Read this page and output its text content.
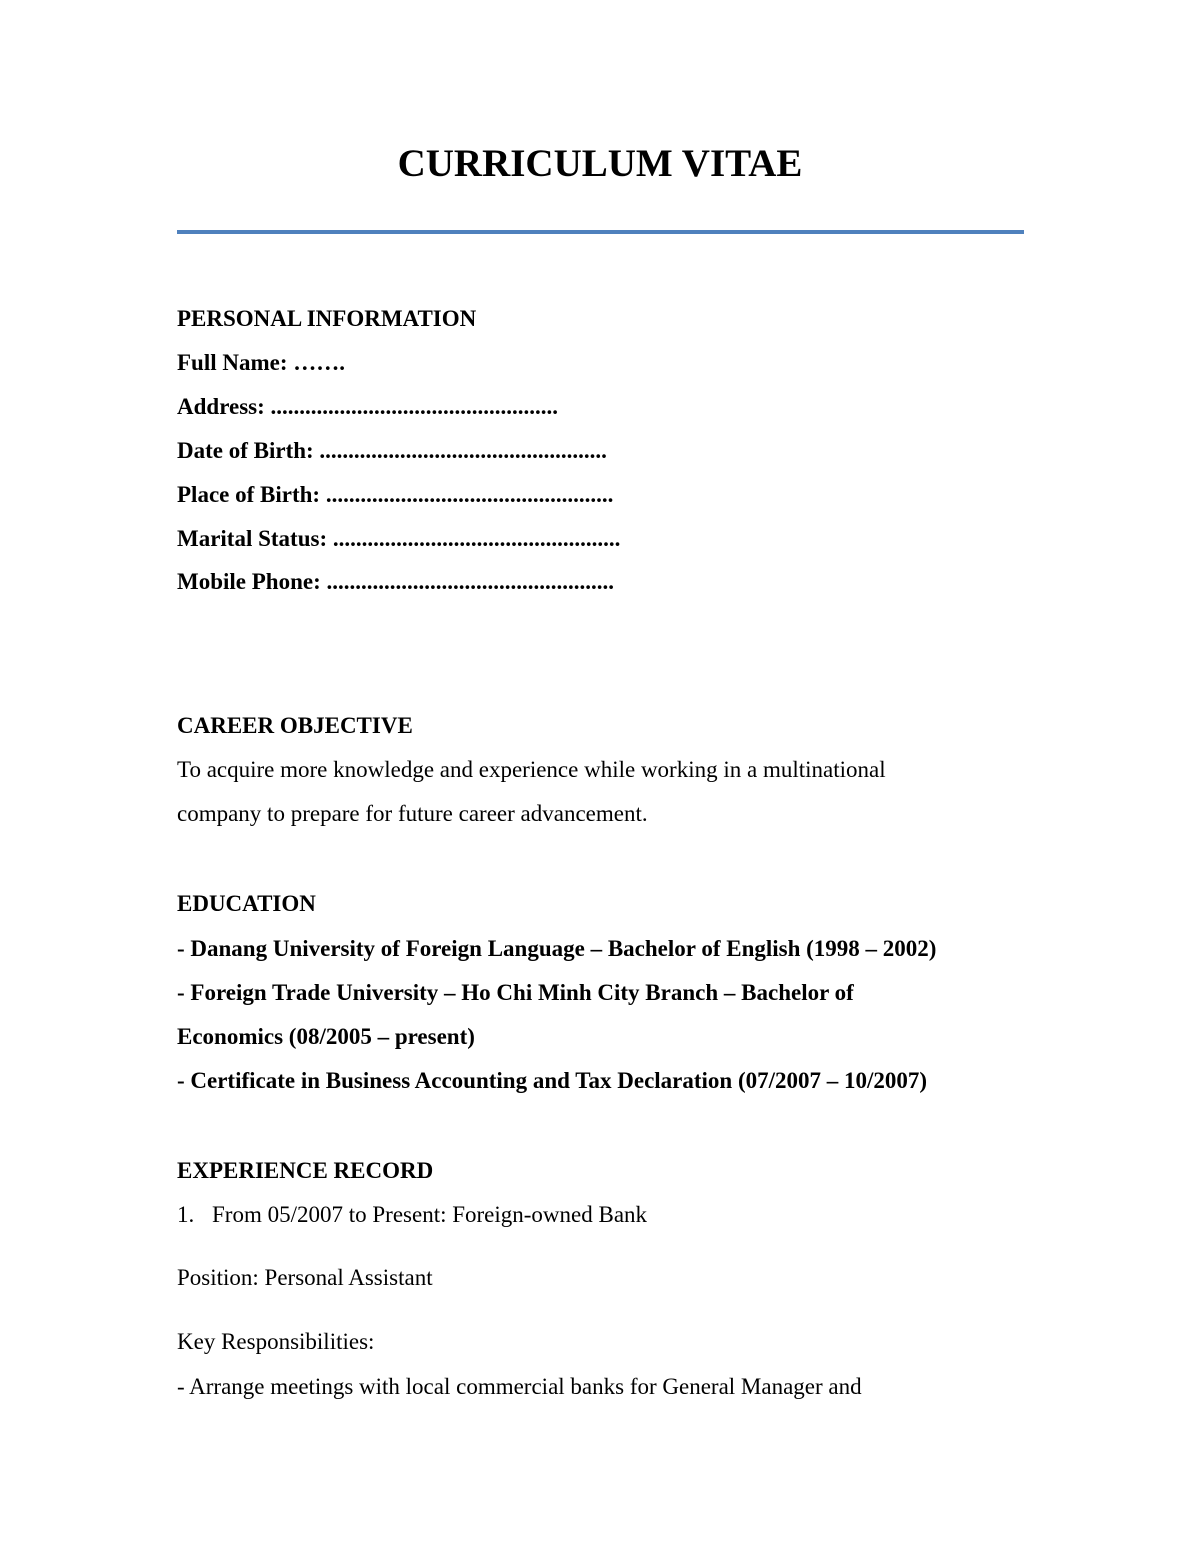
CURRICULUM VITAE
PERSONAL INFORMATION
Full Name: …….
Address: ..................................................
Date of Birth: ..................................................
Place of Birth: ..................................................
Marital Status: ..................................................
Mobile Phone: ..................................................
CAREER OBJECTIVE
To acquire more knowledge and experience while working in a multinational
company to prepare for future career advancement.
EDUCATION
- Danang University of Foreign Language – Bachelor of English (1998 – 2002)
- Foreign Trade University – Ho Chi Minh City Branch – Bachelor of
Economics (08/2005 – present)
- Certificate in Business Accounting and Tax Declaration (07/2007 – 10/2007)
EXPERIENCE RECORD
1. From 05/2007 to Present: Foreign-owned Bank
Position: Personal Assistant
Key Responsibilities:
- Arrange meetings with local commercial banks for General Manager and
